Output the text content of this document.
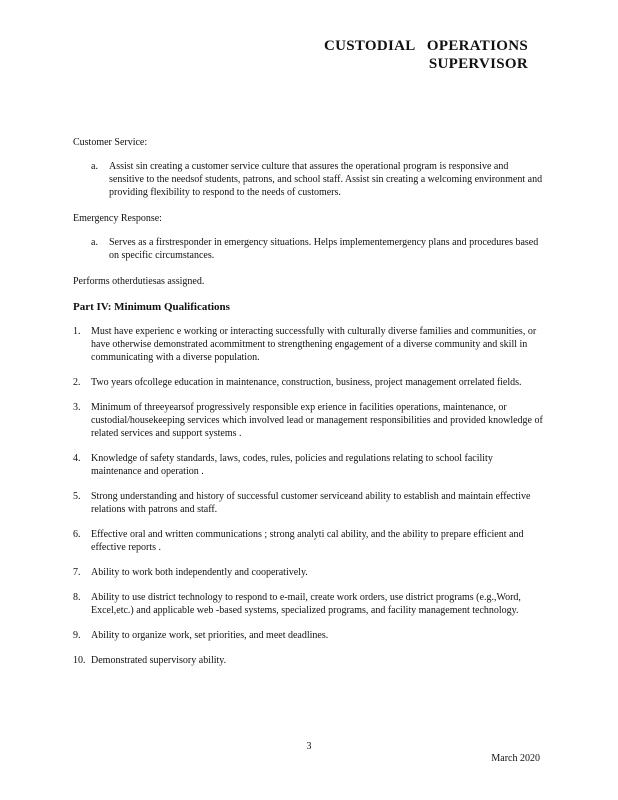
CUSTODIAL   OPERATIONS
SUPERVISOR

Customer Service:

a. Assist sin creating a customer service culture that assures the operational program is responsive and sensitive to the needsof students, patrons, and school staff. Assist sin creating a welcoming environment and providing flexibility to respond to the needs of customers.

Emergency Response:

a. Serves as a firstresponder in emergency situations. Helps implementemergency plans and procedures based on specific circumstances.

Performs otherdutiesas assigned.

Part IV: Minimum Qualifications

1. Must have experienc e working or interacting successfully with culturally diverse families and communities, or have otherwise demonstrated acommitment to strengthening engagement of a diverse community and skill in communicating with a diverse population.
2. Two years ofcollege education in maintenance, construction, business, project management orrelated fields.
3. Minimum of threeyearsof progressively responsible exp erience in facilities operations, maintenance, or custodial/housekeeping services which involved lead or management responsibilities and provided knowledge of related services and support systems .
4. Knowledge of safety standards, laws, codes, rules, policies and regulations relating to school facility maintenance and operation .
5. Strong understanding and history of successful customer serviceand ability to establish and maintain effective relations with patrons and staff.
6. Effective oral and written communications ; strong analyti cal ability, and the ability to prepare efficient and effective reports .
7. Ability to work both independently and cooperatively.
8. Ability to use district technology to respond to e-mail, create work orders, use district programs (e.g.,Word, Excel,etc.) and applicable web -based systems, specialized programs, and facility management technology.
9. Ability to organize work, set priorities, and meet deadlines.
10. Demonstrated supervisory ability.
3
March 2020
